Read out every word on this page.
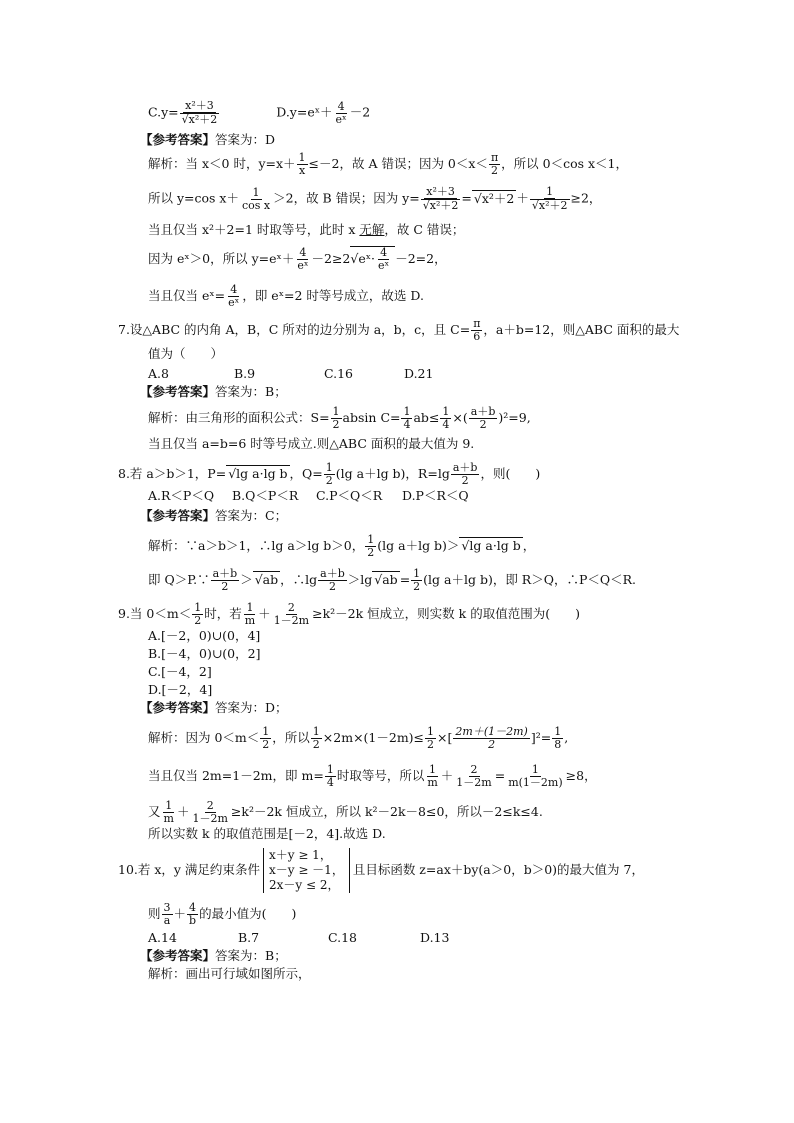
C.y= x²＋3
√ x²＋2	D.y=eˣ＋ $\frac{4}{\text{eˣ}} -2$
【参考答案】答案为：D
解析：当 x＜0 时，$y=x+ \frac{1}{x} \le-2$，故 A 错误；因为 $0<x< \frac{\pi}{2}$ ，所以 0＜cos x＜1，
所以 y=cos $x+ \frac{1}{\text{cos x}} >2$，故 B 错误；因为 y= x²＋3
√ x²＋2 =√ x²＋2 ＋ 1
√ x²＋2 ≥2，
当且仅当 x²＋2=1 时取等号，此时 x 无解，故 C 错误；
因为 eˣ＞0，所以 y=eˣ＋ $\frac{4}{\text{eˣ}}$ －2≥2√eˣ· $\frac{4}{\text{eˣ}} -2=2$，
当且仅当 eˣ= $\frac{4}{\text{eˣ}}$ ，即 eˣ=2 时等号成立，故选 D.
7.设△ABC 的内角 A，B，C 所对的边分别为 a，b，c，且 $C= \frac{\pi}{6}$ ，a＋b=12，则△ABC 面积的最大
值为（　　）
A.8	B.9	C.16	D.21
【参考答案】答案为：B；
解析：由三角形的面积公式：$S= \frac{1}{2}$ absin $C= \frac{1}{4} ab\le \frac{1}{4}$ ×( $\frac{a+b}{2} )^2=9$,
当且仅当 a=b=6 时等号成立.则△ABC 面积的最大值为 9.
8.若 a＞b＞1，P=√ lg a·lg b ，$Q= \frac{1}{2} (\lg$ a＋lg b)，$R=\lg \frac{a+b}{2}$ ，则(　　)
A.R＜P＜Q B.Q＜P＜R C.P＜Q＜R D.P＜R＜Q
【参考答案】答案为：C；
解析：∵a＞b＞1，∴lg a＞lg b＞0， $\frac{1}{2} (\lg$ a＋lg b)＞√ lg a·lg b ，
即 Q＞P.∵ $\frac{a+b}{2}$ ＞√ ab ，∴lg $\frac{a+b}{2} >\lg√$ ab = $\frac{1}{2} (\lg$ a＋lg b)，即 R＞Q，∴P＜Q＜R.
9.当 $0<m< \frac{1}{2}$ 时，若 $\frac{1}{m} + \frac{2}{1-2m} \ge k^2-2k$ 恒成立，则实数 k 的取值范围为(　　)
A.[－2，0)∪(0，4]
B.[－4，0)∪(0，2]
C.[－4，2]
D.[－2，4]
【参考答案】答案为：D；
解析：因为 $0<m< \frac{1}{2}$ ，所以 $\frac{1}{2} \times 2m\times(1-2m)\le \frac{1}{2}$ ×[ $\frac{2m+(1-2m)}{2} ]^2= \frac{1}{8}$ ,
当且仅当 2m=1－2m，即 $m= \frac{1}{4}$ 时取等号，所以 $\frac{1}{m} + \frac{2}{1-2m} = \frac{1}{m(1-2m)} \ge 8$，
又 $\frac{1}{m} + \frac{2}{1-2m} \ge k^2-2k$ 恒成立，所以 k²－2k－8≤0，所以－2≤k≤4.
所以实数 k 的取值范围是[－2，4].故选 D.
10.若 x，y 满足约束条件
x＋y ≥ 1，
x－y ≥ －1，
2x－y ≤ 2，
且目标函数 z=ax＋by(a＞0，b＞0)的最大值为 7，
则 $\frac{3}{a} + \frac{4}{b}$ 的最小值为(　　)
A.14	B.7	C.18	D.13
【参考答案】答案为：B；
解析：画出可行域如图所示，
